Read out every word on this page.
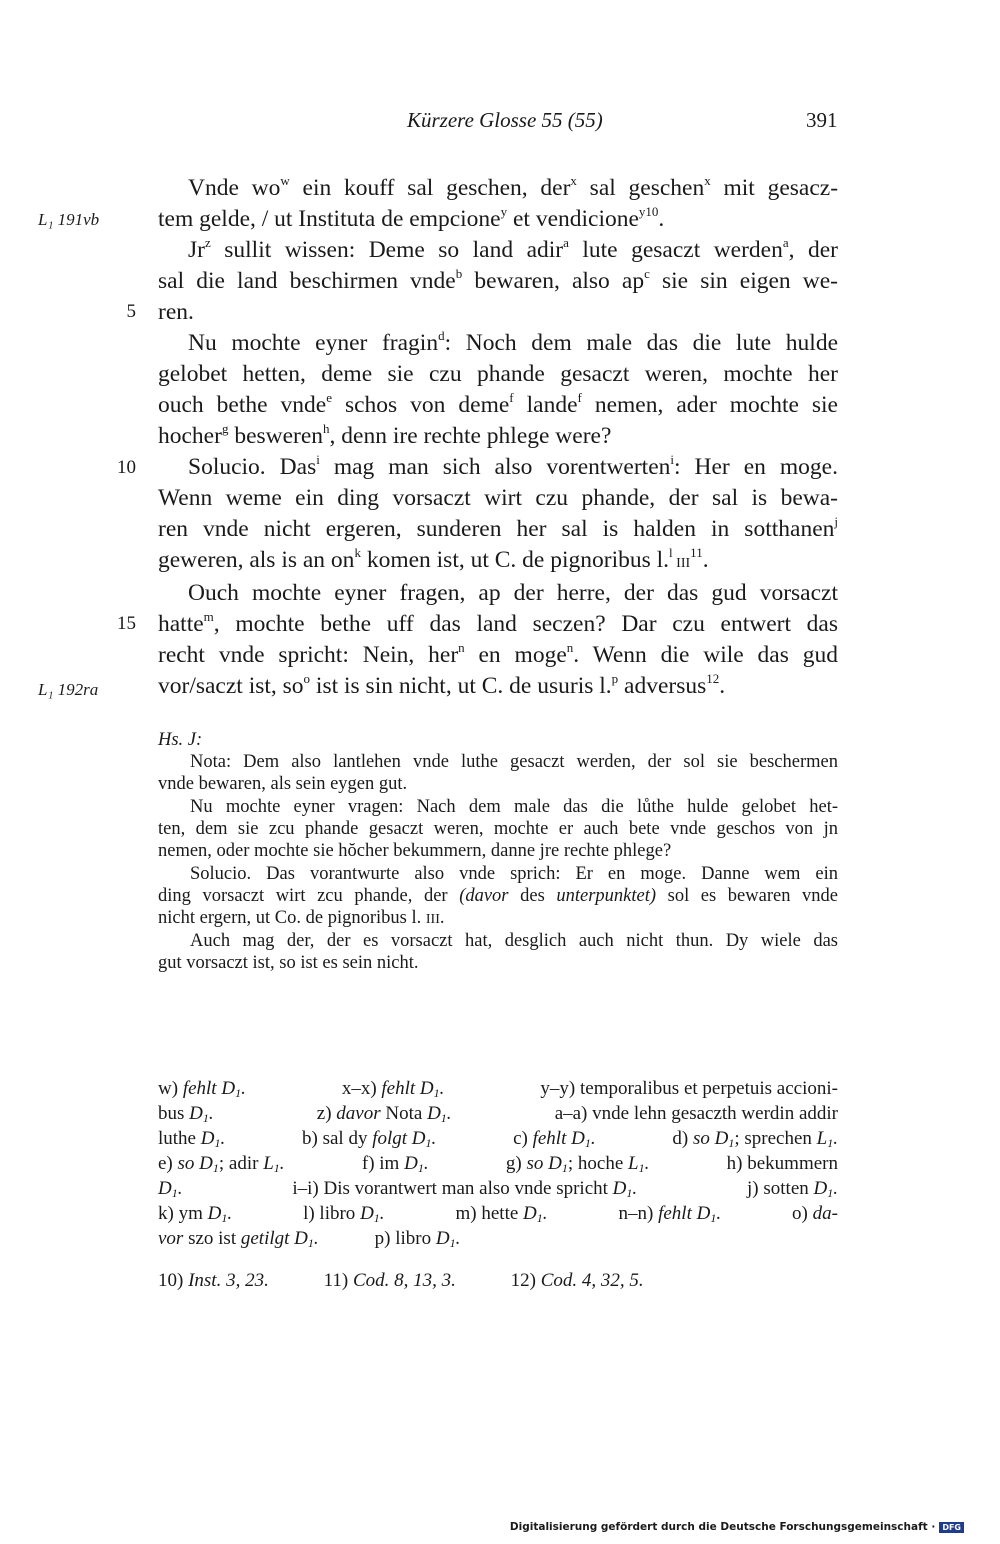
Kürzere Glosse 55 (55)	391
L₁ 191vb
5
10
15
L₁ 192ra
Vnde $wo^w$ ein kouff sal geschen, der$^x$ sal geschen$^x$ mit gesacz-
tem gelde, / ut Instituta de empcione$^y$ et vendicione$^{y10}$.
Jr$^z$ sullit wissen: Deme so land adir$^a$ lute gesaczt werden$^a$, der
sal die land beschirmen vnde$^b$ bewaren, also $ap^c$ sie sin eigen we-
ren.
Nu mochte eyner fragin$^d$: Noch dem male das die lute hulde
gelobet hetten, deme sie czu phande gesaczt weren, mochte her
ouch bethe vnde$^e$ schos von deme$^f$ lande$^f$ nemen, ader mochte sie
hocher$^g$ besweren$^h$, denn ire rechte phlege were?
Solucio. Das$^i$ mag man sich also vorentwerten$^i$: Her en moge.
Wenn weme ein ding vorsaczt wirt czu phande, der sal is bewa-
ren vnde nicht ergeren, sunderen her sal is halden in sotthanen$^j$
geweren, als is an $on^k$ komen ist, ut C. de pignoribus l.$^l$ III$^{11}$.
Ouch mochte eyner fragen, ap der herre, der das gud vorsaczt
hatte$^m$, mochte bethe uff das land seczen? Dar czu entwert das
recht vnde spricht: Nein, her$^n$ en moge$^n$. Wenn die wile das gud
vor/saczt ist, $so^o$ ist is sin nicht, ut C. de usuris l.$^p$ adversus$^{12}$.
Hs. J:
Nota: Dem also lantlehen vnde luthe gesaczt werden, der sol sie beschermen
vnde bewaren, als sein eygen gut.
Nu mochte eyner vragen: Nach dem male das die lůthe hulde gelobet het-
ten, dem sie zcu phande gesaczt weren, mochte er auch bete vnde geschos von jn
nemen, oder mochte sie hŏcher bekummern, danne jre rechte phlege?
Solucio. Das vorantwurte also vnde sprich: Er en moge. Danne wem ein
ding vorsaczt wirt zcu phande, der (davor des unterpunktet) sol es bewaren vnde
nicht ergern, ut Co. de pignoribus l. III.
Auch mag der, der es vorsaczt hat, desglich auch nicht thun. Dy wiele das
gut vorsaczt ist, so ist es sein nicht.
w) fehlt $D_1$.	x–x) fehlt $D_1$.	y–y) temporalibus et perpetuis accioni-
bus $D_1$.	z) davor Nota $D_1$.	a–a) vnde lehn gesaczth werdin addir
luthe $D_1$.	b) sal dy folgt $D_1$.	c) fehlt $D_1$.	d) so $D_1$; sprechen $L_1$.
e) so $D_1$; adir $L_1$.	f) im $D_1$.	g) so $D_1$; hoche $L_1$.	h) bekummern
$D_1$.	i–i) Dis vorantwert man also vnde spricht $D_1$.	j) sotten $D_1$.
k) ym $D_1$.	l) libro $D_1$.	m) hette $D_1$.	n–n) fehlt $D_1$.	o) da-
vor szo ist getilgt $D_1$.	p) libro $D_1$.
10) Inst. 3, 23.	11) Cod. 8, 13, 3.	12) Cod. 4, 32, 5.
Digitalisierung gefördert durch die Deutsche Forschungsgemeinschaft · DFG
